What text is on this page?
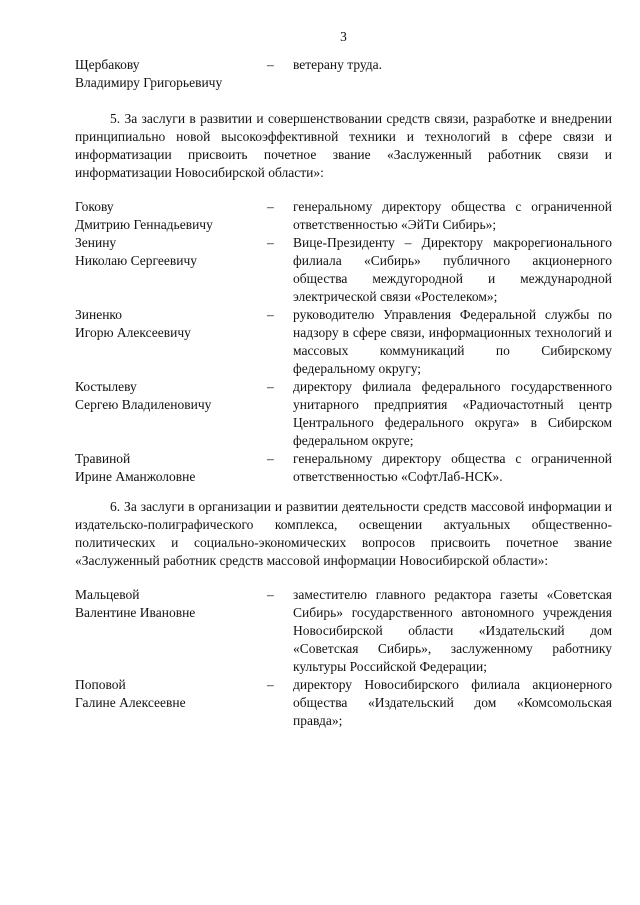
3
Щербакову
Владимиру Григорьевичу
–	ветерану труда.

5. За заслуги в развитии и совершенствовании средств связи, разработке и внедрении принципиально новой высокоэффективной техники и технологий в сфере связи и информатизации присвоить почетное звание «Заслуженный работник связи и информатизации Новосибирской области»:

Гокову
Дмитрию Геннадьевичу
–	генеральному директору общества с ограниченной ответственностью «ЭйТи Сибирь»;
Зенину
Николаю Сергеевичу
–	Вице-Президенту – Директору макрорегионального филиала «Сибирь» публичного акционерного общества междугородной и международной электрической связи «Ростелеком»;
Зиненко
Игорю Алексеевичу
–	руководителю Управления Федеральной службы по надзору в сфере связи, информационных технологий и массовых коммуникаций по Сибирскому федеральному округу;
Костылеву
Сергею Владиленовичу
–	директору филиала федерального государственного унитарного предприятия «Радиочастотный центр Центрального федерального округа» в Сибирском федеральном округе;
Травиной
Ирине Аманжоловне
–	генеральному директору общества с ограниченной ответственностью «СофтЛаб-НСК».

6. За заслуги в организации и развитии деятельности средств массовой информации и издательско-полиграфического комплекса, освещении актуальных общественно-политических и социально-экономических вопросов присвоить почетное звание «Заслуженный работник средств массовой информации Новосибирской области»:

Мальцевой
Валентине Ивановне
–	заместителю главного редактора газеты «Советская Сибирь» государственного автономного учреждения Новосибирской области «Издательский дом «Советская Сибирь», заслуженному работнику культуры Российской Федерации;
Поповой
Галине Алексеевне
–	директору Новосибирского филиала акционерного общества «Издательский дом «Комсомольская правда»;
